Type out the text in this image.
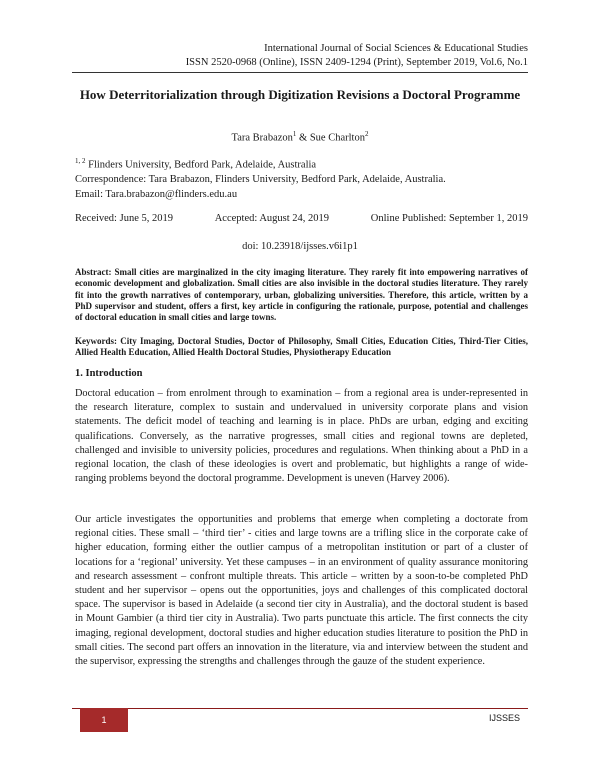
International Journal of Social Sciences & Educational Studies
ISSN 2520-0968 (Online), ISSN 2409-1294 (Print), September 2019, Vol.6, No.1
How Deterritorialization through Digitization Revisions a Doctoral Programme
Tara Brabazon$^1$ & Sue Charlton$^2$
$^{1, 2}$ Flinders University, Bedford Park, Adelaide, Australia
Correspondence: Tara Brabazon, Flinders University, Bedford Park, Adelaide, Australia.
Email: Tara.brabazon@flinders.edu.au
Received: June 5, 2019	Accepted: August 24, 2019	Online Published: September 1, 2019
doi: 10.23918/ijsses.v6i1p1
Abstract: Small cities are marginalized in the city imaging literature. They rarely fit into empowering narratives of economic development and globalization. Small cities are also invisible in the doctoral studies literature. They rarely fit into the growth narratives of contemporary, urban, globalizing universities. Therefore, this article, written by a PhD supervisor and student, offers a first, key article in configuring the rationale, purpose, potential and challenges of doctoral education in small cities and large towns.
Keywords: City Imaging, Doctoral Studies, Doctor of Philosophy, Small Cities, Education Cities, Third-Tier Cities, Allied Health Education, Allied Health Doctoral Studies, Physiotherapy Education
1. Introduction

Doctoral education – from enrolment through to examination – from a regional area is under-represented in the research literature, complex to sustain and undervalued in university corporate plans and vision statements. The deficit model of teaching and learning is in place. PhDs are urban, edging and exciting qualifications. Conversely, as the narrative progresses, small cities and regional towns are depleted, challenged and invisible to university policies, procedures and regulations. When thinking about a PhD in a regional location, the clash of these ideologies is overt and problematic, but highlights a range of wide-ranging problems beyond the doctoral programme. Development is uneven (Harvey 2006).

Our article investigates the opportunities and problems that emerge when completing a doctorate from regional cities. These small – ‘third tier’ - cities and large towns are a trifling slice in the corporate cake of higher education, forming either the outlier campus of a metropolitan institution or part of a cluster of locations for a ‘regional’ university. Yet these campuses – in an environment of quality assurance monitoring and research assessment – confront multiple threats. This article – written by a soon-to-be completed PhD student and her supervisor – opens out the opportunities, joys and challenges of this complicated doctoral space. The supervisor is based in Adelaide (a second tier city in Australia), and the doctoral student is based in Mount Gambier (a third tier city in Australia). Two parts punctuate this article. The first connects the city imaging, regional development, doctoral studies and higher education studies literature to position the PhD in small cities. The second part offers an innovation in the literature, via and interview between the student and the supervisor, expressing the strengths and challenges through the gauze of the student experience.

1	IJSSES
